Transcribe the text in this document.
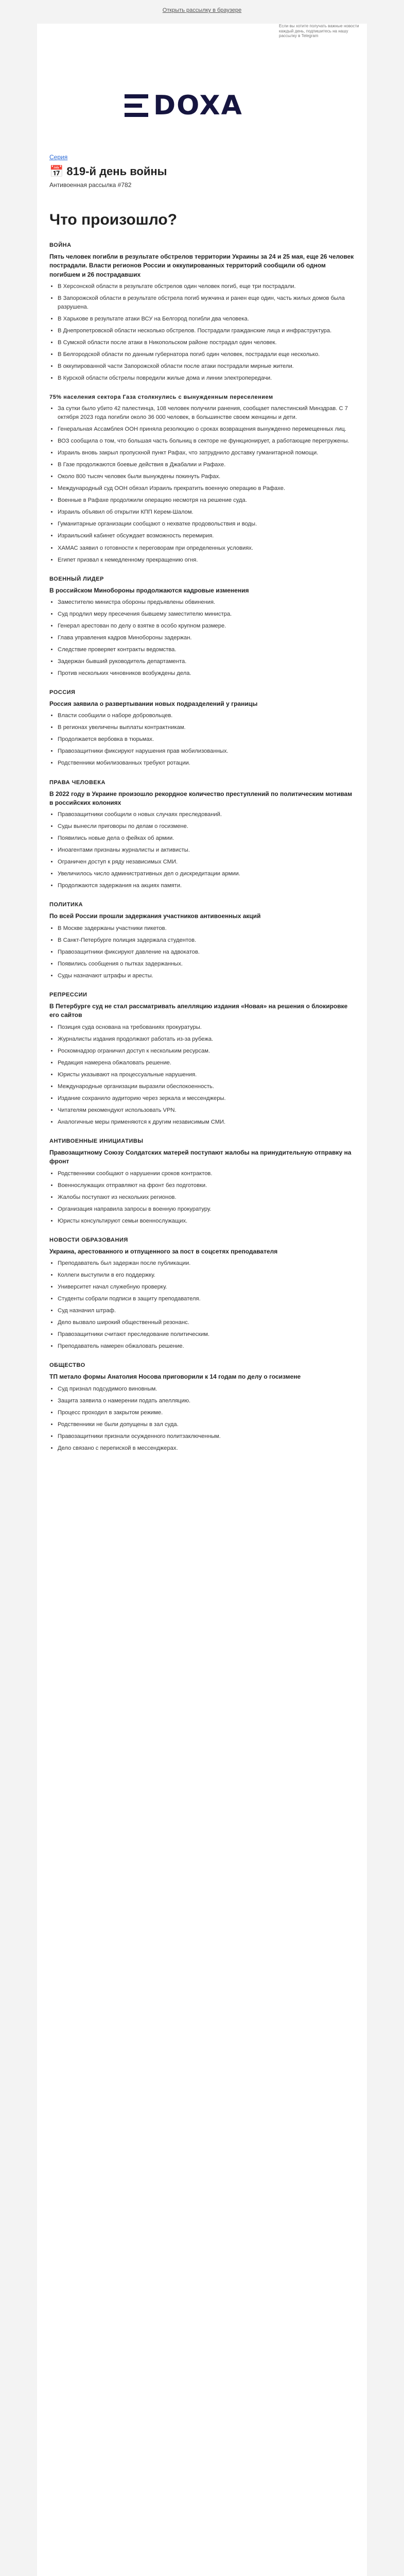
Открыть рассылку в браузере
Если вы хотите получать важные новости каждый день, подпишитесь на нашу рассылку в Telegram
DOXA
Серия
📅 819-й день войны
Антивоенная рассылка #782
Что произошло?
ВОЙНА
Пять человек погибли в результате обстрелов территории Украины за 24 и 25 мая, еще 26 человек пострадали. Власти регионов России и оккупированных территорий сообщили об одном погибшем и 26 пострадавших
• В Херсонской области в результате обстрелов один человек погиб, еще три пострадали.
• В Запорожской области в результате обстрела погиб мужчина и ранен еще один, часть жилых домов была разрушена.
• В Харькове в результате атаки ВСУ на Белгород погибли два человека.
• В Днепропетровской области несколько обстрелов. Пострадали гражданские лица и инфраструктура.
• В Сумской области после атаки в Никопольском районе пострадал один человек.
• В Белгородской области по данным губернатора погиб один человек, пострадали еще несколько.
• В оккупированной части Запорожской области после атаки пострадали мирные жители.
• В Курской области обстрелы повредили жилые дома и линии электропередачи.
75% населения сектора Газа столкнулись с вынужденным переселением
• За сутки было убито 42 палестинца, 108 человек получили ранения, сообщает палестинский Минздрав. С 7 октября 2023 года погибли около 36 000 человек, в большинстве своем женщины и дети.
• Генеральная Ассамблея ООН приняла резолюцию о сроках возвращения вынужденно перемещенных лиц.
• ВОЗ сообщила о том, что большая часть больниц в секторе не функционирует, а работающие перегружены.
• Израиль вновь закрыл пропускной пункт Рафах, что затруднило доставку гуманитарной помощи.
• В Газе продолжаются боевые действия в Джабалии и Рафахе.
• Около 800 тысяч человек были вынуждены покинуть Рафах.
• Международный суд ООН обязал Израиль прекратить военную операцию в Рафахе.
• Военные в Рафахе продолжили операцию несмотря на решение суда.
• Израиль объявил об открытии КПП Керем-Шалом.
• Гуманитарные организации сообщают о нехватке продовольствия и воды.
• Израильский кабинет обсуждает возможность перемирия.
• ХАМАС заявил о готовности к переговорам при определенных условиях.
• Египет призвал к немедленному прекращению огня.
ВОЕННЫЙ ЛИДЕР
В российском Минобороны продолжаются кадровые изменения
• Заместителю министра обороны предъявлены обвинения.
• Суд продлил меру пресечения бывшему заместителю министра.
• Генерал арестован по делу о взятке в особо крупном размере.
• Глава управления кадров Минобороны задержан.
• Следствие проверяет контракты ведомства.
• Задержан бывший руководитель департамента.
• Против нескольких чиновников возбуждены дела.
РОССИЯ
Россия заявила о развертывании новых подразделений у границы
• Власти сообщили о наборе добровольцев.
• В регионах увеличены выплаты контрактникам.
• Продолжается вербовка в тюрьмах.
• Правозащитники фиксируют нарушения прав мобилизованных.
• Родственники мобилизованных требуют ротации.
ПРАВА ЧЕЛОВЕКА
В 2022 году в Украине произошло рекордное количество преступлений по политическим мотивам в российских колониях
• Правозащитники сообщили о новых случаях преследований.
• Суды вынесли приговоры по делам о госизмене.
• Появились новые дела о фейках об армии.
• Иноагентами признаны журналисты и активисты.
• Ограничен доступ к ряду независимых СМИ.
• Увеличилось число административных дел о дискредитации армии.
• Продолжаются задержания на акциях памяти.
ПОЛИТИКА
По всей России прошли задержания участников антивоенных акций
• В Москве задержаны участники пикетов.
• В Санкт-Петербурге полиция задержала студентов.
• Правозащитники фиксируют давление на адвокатов.
• Появились сообщения о пытках задержанных.
• Суды назначают штрафы и аресты.
РЕПРЕССИИ
В Петербурге суд не стал рассматривать апелляцию издания «Новая» на решения о блокировке его сайтов
• Позиция суда основана на требованиях прокуратуры.
• Журналисты издания продолжают работать из-за рубежа.
• Роскомнадзор ограничил доступ к нескольким ресурсам.
• Редакция намерена обжаловать решение.
• Юристы указывают на процессуальные нарушения.
• Международные организации выразили обеспокоенность.
• Издание сохранило аудиторию через зеркала и мессенджеры.
• Читателям рекомендуют использовать VPN.
• Аналогичные меры применяются к другим независимым СМИ.
АНТИВОЕННЫЕ ИНИЦИАТИВЫ
Правозащитному Союзу Солдатских матерей поступают жалобы на принудительную отправку на фронт
• Родственники сообщают о нарушении сроков контрактов.
• Военнослужащих отправляют на фронт без подготовки.
• Жалобы поступают из нескольких регионов.
• Организация направила запросы в военную прокуратуру.
• Юристы консультируют семьи военнослужащих.
НОВОСТИ ОБРАЗОВАНИЯ
Украина, арестованного и отпущенного за пост в соцсетях преподавателя
• Преподаватель был задержан после публикации.
• Коллеги выступили в его поддержку.
• Университет начал служебную проверку.
• Студенты собрали подписи в защиту преподавателя.
• Суд назначил штраф.
• Дело вызвало широкий общественный резонанс.
• Правозащитники считают преследование политическим.
• Преподаватель намерен обжаловать решение.
ОБЩЕСТВО
ТП метало формы Анатолия Носова приговорили к 14 годам по делу о госизмене
• Суд признал подсудимого виновным.
• Защита заявила о намерении подать апелляцию.
• Процесс проходил в закрытом режиме.
• Родственники не были допущены в зал суда.
• Правозащитники признали осужденного политзаключенным.
• Дело связано с перепиской в мессенджерах.
